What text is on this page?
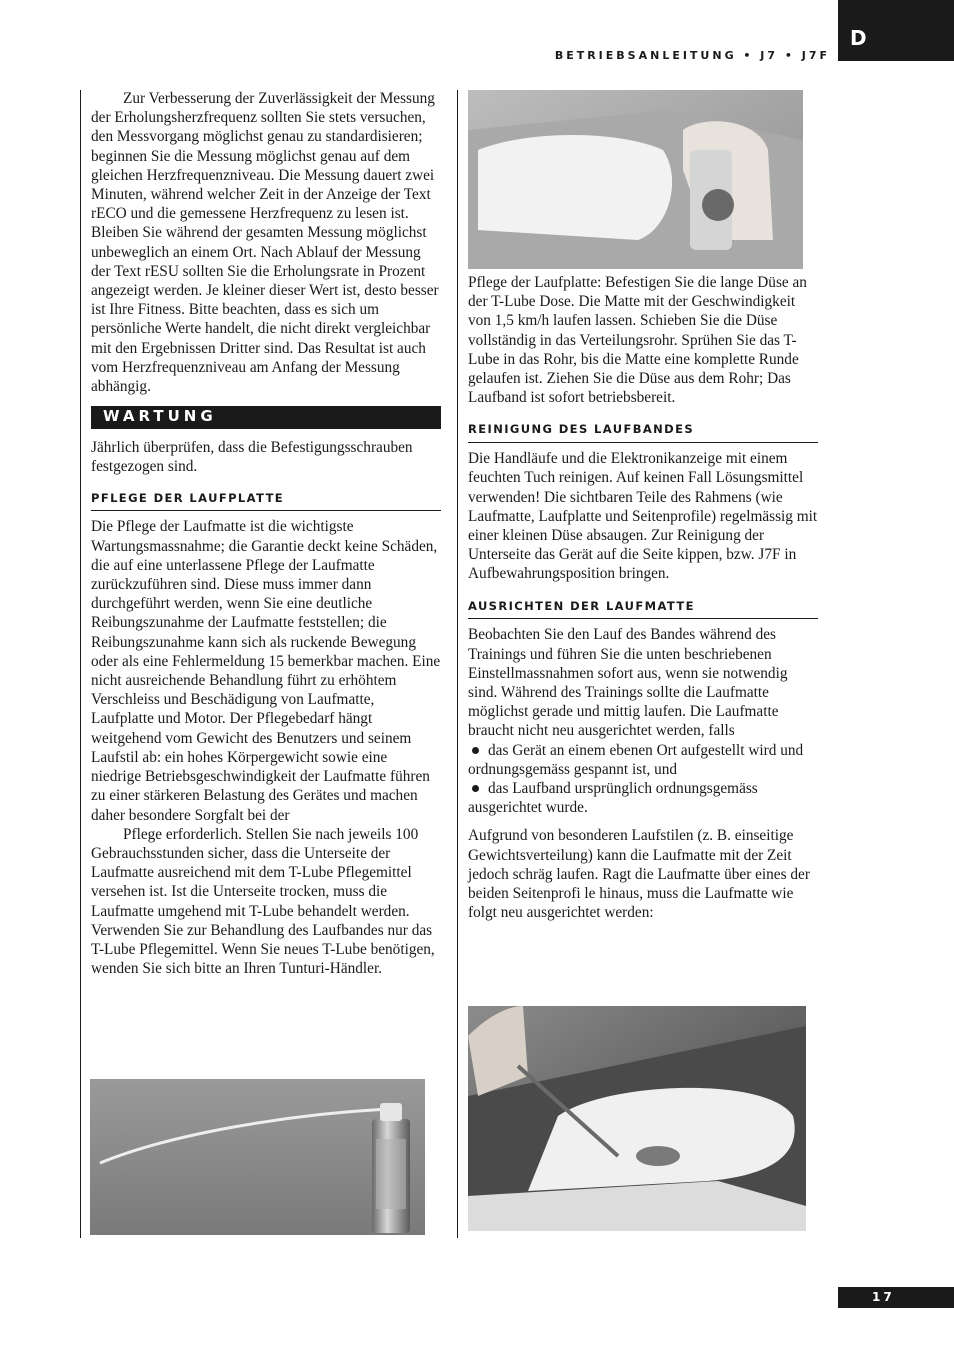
D
BETRIEBSANLEITUNG • J7 • J7F

Zur Verbesserung der Zuverlässigkeit der Messung der Erholungsherzfrequenz sollten Sie stets versuchen, den Messvorgang möglichst genau zu standardisieren; beginnen Sie die Messung möglichst genau auf dem gleichen Herzfrequenzniveau. Die Messung dauert zwei Minuten, während welcher Zeit in der Anzeige der Text rECO und die gemessene Herzfrequenz zu lesen ist. Bleiben Sie während der gesamten Messung möglichst unbeweglich an einem Ort. Nach Ablauf der Messung der Text rESU sollten Sie die Erholungsrate in Prozent angezeigt werden. Je kleiner dieser Wert ist, desto besser ist Ihre Fitness. Bitte beachten, dass es sich um persönliche Werte handelt, die nicht direkt vergleichbar mit den Ergebnissen Dritter sind. Das Resultat ist auch vom Herzfrequenzniveau am Anfang der Messung abhängig.

WARTUNG

Jährlich überprüfen, dass die Befestigungsschrauben festgezogen sind.

PFLEGE DER LAUFPLATTE

Die Pflege der Laufmatte ist die wichtigste Wartungsmassnahme; die Garantie deckt keine Schäden, die auf eine unterlassene Pflege der Laufmatte zurückzuführen sind. Diese muss immer dann durchgeführt werden, wenn Sie eine deutliche Reibungszunahme der Laufmatte feststellen; die Reibungszunahme kann sich als ruckende Bewegung oder als eine Fehlermeldung 15 bemerkbar machen. Eine nicht ausreichende Behandlung führt zu erhöhtem Verschleiss und Beschädigung von Laufmatte, Laufplatte und Motor. Der Pflegebedarf hängt weitgehend vom Gewicht des Benutzers und seinem Laufstil ab: ein hohes Körpergewicht sowie eine niedrige Betriebsgeschwindigkeit der Laufmatte führen zu einer stärkeren Belastung des Gerätes und machen daher besondere Sorgfalt bei der

Pflege erforderlich. Stellen Sie nach jeweils 100 Gebrauchsstunden sicher, dass die Unterseite der Laufmatte ausreichend mit dem T-Lube Pflegemittel versehen ist. Ist die Unterseite trocken, muss die Laufmatte umgehend mit T-Lube behandelt werden. Verwenden Sie zur Behandlung des Laufbandes nur das T-Lube Pflegemittel. Wenn Sie neues T-Lube benötigen, wenden Sie sich bitte an Ihren Tunturi-Händler.

Pflege der Laufplatte: Befestigen Sie die lange Düse an der T-Lube Dose. Die Matte mit der Geschwindigkeit von 1,5 km/h laufen lassen. Schieben Sie die Düse vollständig in das Verteilungsrohr. Sprühen Sie das T-Lube in das Rohr, bis die Matte eine komplette Runde gelaufen ist. Ziehen Sie die Düse aus dem Rohr; Das Laufband ist sofort betriebsbereit.

REINIGUNG DES LAUFBANDES

Die Handläufe und die Elektronikanzeige mit einem feuchten Tuch reinigen. Auf keinen Fall Lösungsmittel verwenden! Die sichtbaren Teile des Rahmens (wie Laufmatte, Laufplatte und Seitenprofile) regelmässig mit einer kleinen Düse absaugen. Zur Reinigung der Unterseite das Gerät auf die Seite kippen, bzw. J7F in Aufbewahrungsposition bringen.

AUSRICHTEN DER LAUFMATTE

Beobachten Sie den Lauf des Bandes während des Trainings und führen Sie die unten beschriebenen Einstellmassnahmen sofort aus, wenn sie notwendig sind. Während des Trainings sollte die Laufmatte möglichst gerade und mittig laufen. Die Laufmatte braucht nicht neu ausgerichtet werden, falls

das Gerät an einem ebenen Ort aufgestellt wird und ordnungsgemäss gespannt ist, und

das Laufband ursprünglich ordnungsgemäss ausgerichtet wurde.

Aufgrund von besonderen Laufstilen (z. B. einseitige Gewichtsverteilung) kann die Laufmatte mit der Zeit jedoch schräg laufen. Ragt die Laufmatte über eines der beiden Seitenprofi le hinaus, muss die Laufmatte wie folgt neu ausgerichtet werden:

17
